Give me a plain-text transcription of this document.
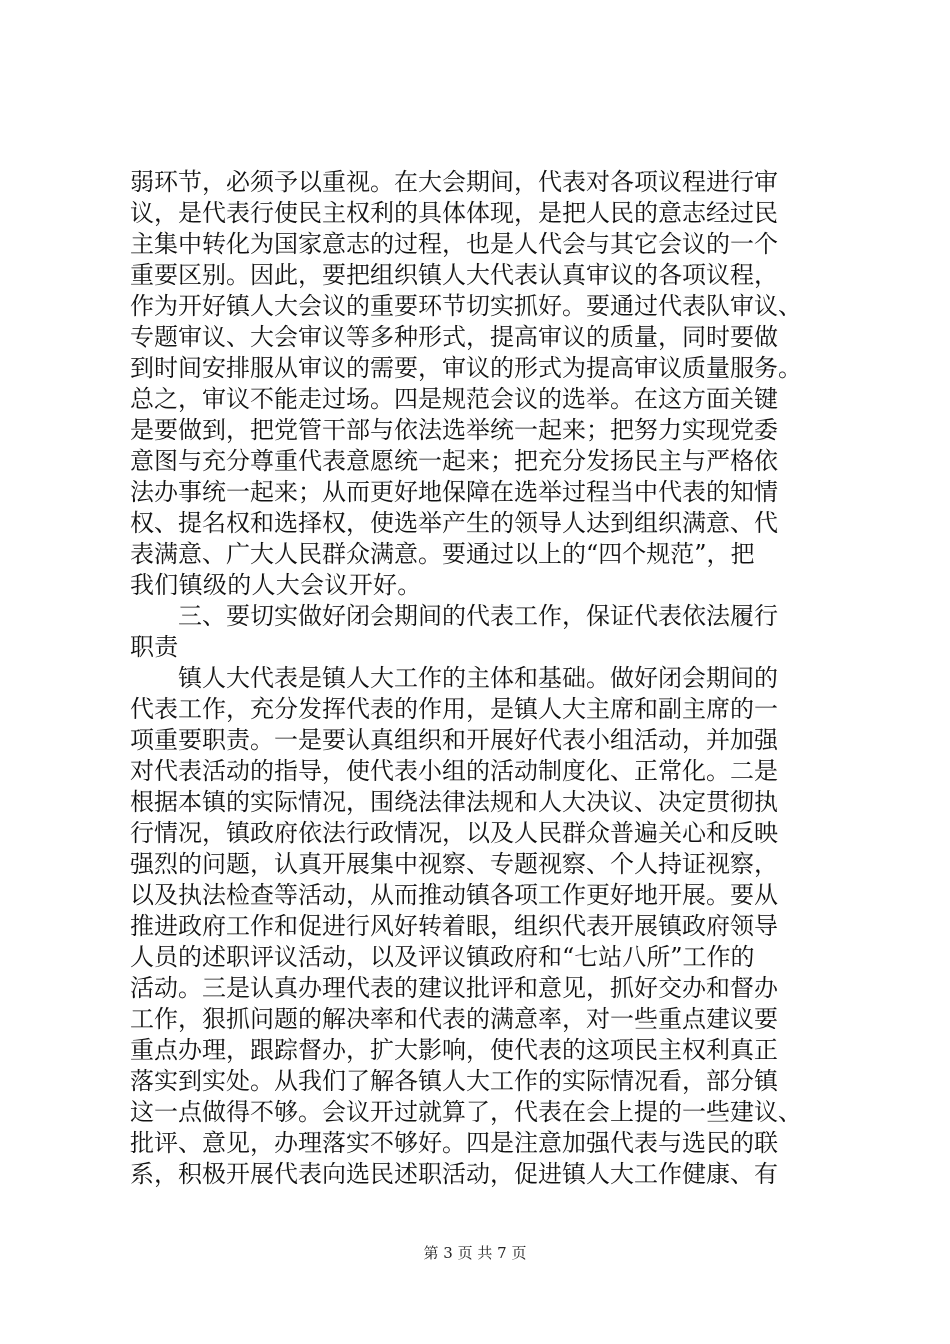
弱环节，必须予以重视。在大会期间，代表对各项议程进行审
议，是代表行使民主权利的具体体现，是把人民的意志经过民
主集中转化为国家意志的过程，也是人代会与其它会议的一个
重要区别。因此，要把组织镇人大代表认真审议的各项议程，
作为开好镇人大会议的重要环节切实抓好。要通过代表队审议、
专题审议、大会审议等多种形式，提高审议的质量，同时要做
到时间安排服从审议的需要，审议的形式为提高审议质量服务。
总之，审议不能走过场。四是规范会议的选举。在这方面关键
是要做到，把党管干部与依法选举统一起来；把努力实现党委
意图与充分尊重代表意愿统一起来；把充分发扬民主与严格依
法办事统一起来；从而更好地保障在选举过程当中代表的知情
权、提名权和选择权，使选举产生的领导人达到组织满意、代
表满意、广大人民群众满意。要通过以上的“四个规范”，把
我们镇级的人大会议开好。
三、要切实做好闭会期间的代表工作，保证代表依法履行
职责
镇人大代表是镇人大工作的主体和基础。做好闭会期间的
代表工作，充分发挥代表的作用，是镇人大主席和副主席的一
项重要职责。一是要认真组织和开展好代表小组活动，并加强
对代表活动的指导，使代表小组的活动制度化、正常化。二是
根据本镇的实际情况，围绕法律法规和人大决议、决定贯彻执
行情况，镇政府依法行政情况，以及人民群众普遍关心和反映
强烈的问题，认真开展集中视察、专题视察、个人持证视察，
以及执法检查等活动，从而推动镇各项工作更好地开展。要从
推进政府工作和促进行风好转着眼，组织代表开展镇政府领导
人员的述职评议活动，以及评议镇政府和“七站八所”工作的
活动。三是认真办理代表的建议批评和意见，抓好交办和督办
工作，狠抓问题的解决率和代表的满意率，对一些重点建议要
重点办理，跟踪督办，扩大影响，使代表的这项民主权利真正
落实到实处。从我们了解各镇人大工作的实际情况看，部分镇
这一点做得不够。会议开过就算了，代表在会上提的一些建议、
批评、意见，办理落实不够好。四是注意加强代表与选民的联
系，积极开展代表向选民述职活动，促进镇人大工作健康、有
第 3 页 共 7 页
